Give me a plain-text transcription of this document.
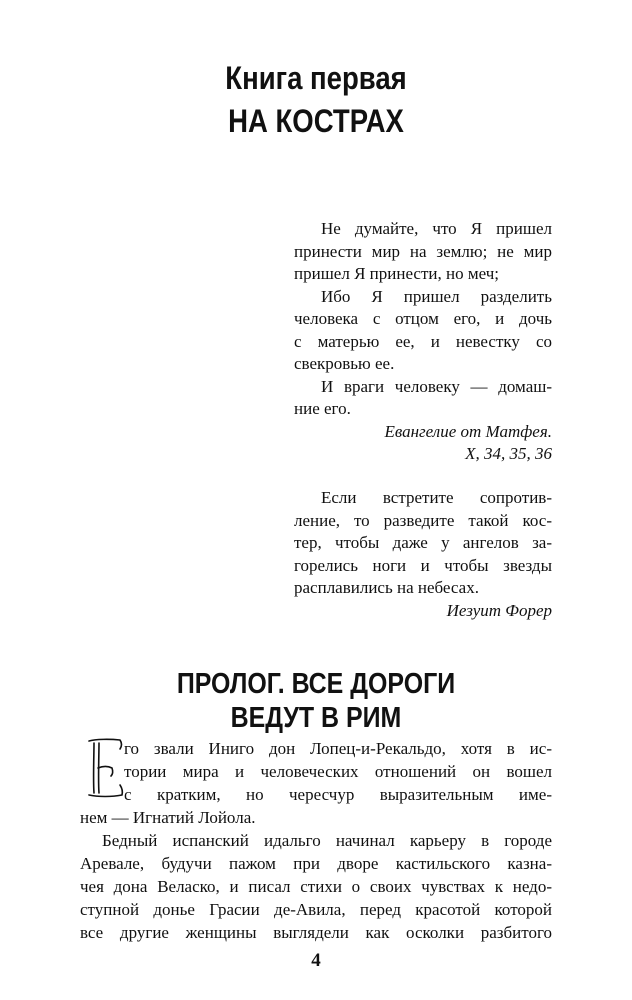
Книга первая
НА КОСТРАХ
Не думайте, что Я пришел
принести мир на землю; не мир
пришел Я принести, но меч;
Ибо Я пришел разделить
человека с отцом его, и дочь
с матерью ее, и невестку со
свекровью ее.
И враги человеку — домаш-
ние его.
Евангелие от Матфея.
X, 34, 35, 36
Если встретите сопротив-
ление, то разведите такой кос-
тер, чтобы даже у ангелов за-
горелись ноги и чтобы звезды
расплавились на небесах.
Иезуит Форер
ПРОЛОГ. ВСЕ ДОРОГИ
ВЕДУТ В РИМ
го звали Иниго дон Лопец-и-Рекальдо, хотя в ис-
тории мира и человеческих отношений он вошел
с кратким, но чересчур выразительным име-
нем — Игнатий Лойола.
Бедный испанский идальго начинал карьеру в городе
Аревале, будучи пажом при дворе кастильского казна-
чея дона Веласко, и писал стихи о своих чувствах к недо-
ступной донье Грасии де-Авила, перед красотой которой
все другие женщины выглядели как осколки разбитого
4
